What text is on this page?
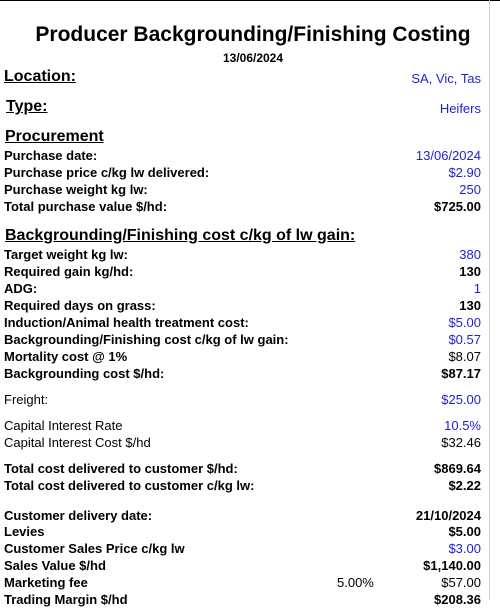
Producer Backgrounding/Finishing Costing
13/06/2024
Location:	SA, Vic, Tas
Type:	Heifers
Procurement
Purchase date:	13/06/2024
Purchase price c/kg lw delivered:	$2.90
Purchase weight kg lw:	250
Total purchase value $/hd:	$725.00
Backgrounding/Finishing cost c/kg of lw gain:
Target weight kg lw:	380
Required gain kg/hd:	130
ADG:	1
Required days on grass:	130
Induction/Animal health treatment cost:	$5.00
Backgrounding/Finishing cost c/kg of lw gain:	$0.57
Mortality cost @ 1%	$8.07
Backgrounding cost $/hd:	$87.17
Freight:	$25.00
Capital Interest Rate	10.5%
Capital Interest Cost $/hd	$32.46
Total cost delivered to customer $/hd:	$869.64
Total cost delivered to customer c/kg lw:	$2.22
Customer delivery date:	21/10/2024
Levies	$5.00
Customer Sales Price c/kg lw	$3.00
Sales Value $/hd	$1,140.00
Marketing fee	5.00%	$57.00
Trading Margin $/hd	$208.36
